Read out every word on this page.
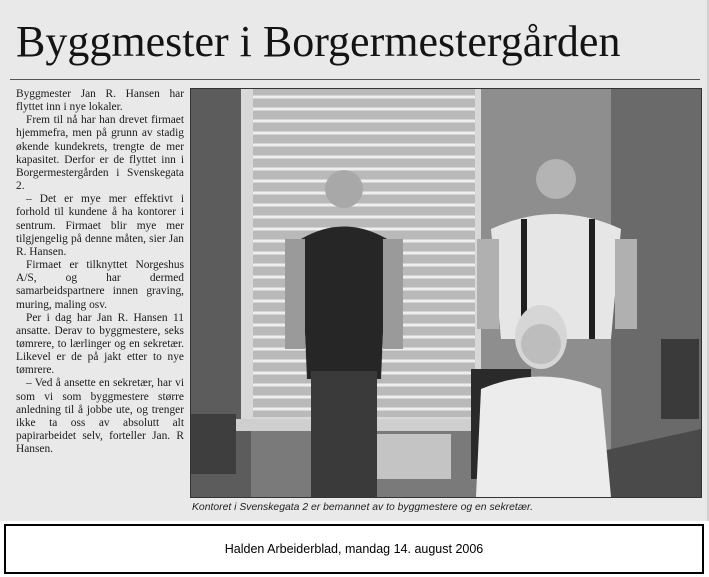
Byggmester i Borgermestergården

Byggmester Jan R. Hansen har flyttet inn i nye lokaler.

Frem til nå har han drevet firmaet hjemmefra, men på grunn av stadig økende kundekrets, trengte de mer kapasitet. Derfor er de flyttet inn i Borgermestergården i Svenskegata 2.

– Det er mye mer effektivt i forhold til kundene å ha kontorer i sentrum. Firmaet blir mye mer tilgjengelig på denne måten, sier Jan R. Hansen.

Firmaet er tilknyttet Norgeshus A/S, og har dermed samarbeidspartnere innen graving, muring, maling osv.

Per i dag har Jan R. Hansen 11 ansatte. Derav to byggmestere, seks tømrere, to lærlinger og en sekretær. Likevel er de på jakt etter to nye tømrere.

– Ved å ansette en sekretær, har vi som vi som byggmestere større anledning til å jobbe ute, og trenger ikke ta oss av absolutt alt papirarbeidet selv, forteller Jan. R Hansen.

Kontoret i Svenskegata 2 er bemannet av to byggmestere og en sekretær.
Halden Arbeiderblad, mandag 14. august 2006
